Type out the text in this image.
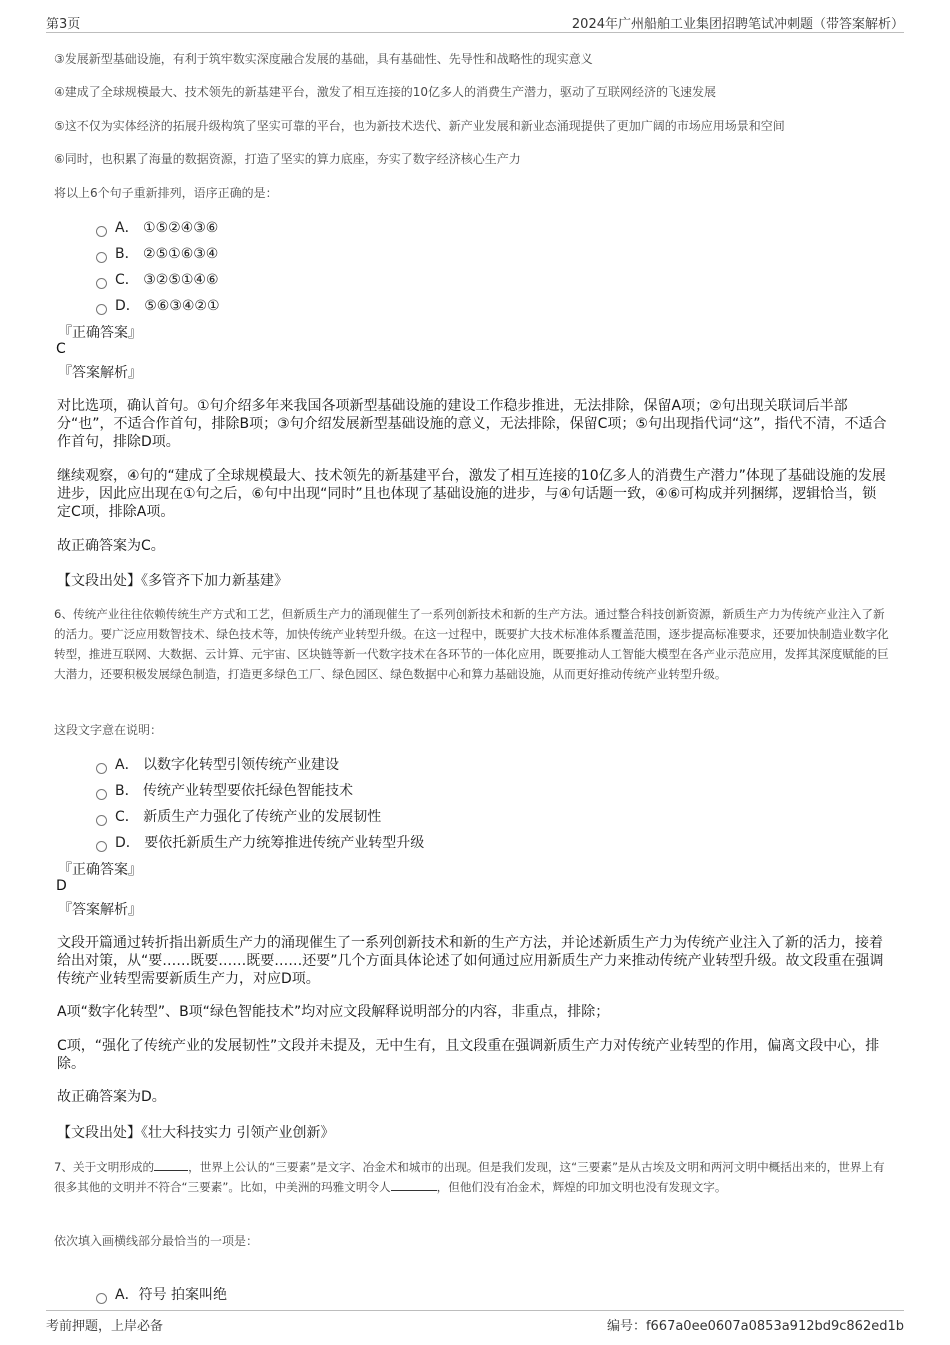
第3页	2024年广州船舶工业集团招聘笔试冲刺题（带答案解析）
③发展新型基础设施，有利于筑牢数实深度融合发展的基础，具有基础性、先导性和战略性的现实意义
④建成了全球规模最大、技术领先的新基建平台，激发了相互连接的10亿多人的消费生产潜力，驱动了互联网经济的飞速发展
⑤这不仅为实体经济的拓展升级构筑了坚实可靠的平台，也为新技术迭代、新产业发展和新业态涌现提供了更加广阔的市场应用场景和空间
⑥同时，也积累了海量的数据资源，打造了坚实的算力底座，夯实了数字经济核心生产力
将以上6个句子重新排列，语序正确的是：
A． ①⑤②④③⑥
B． ②⑤①⑥③④
C． ③②⑤①④⑥
D． ⑤⑥③④②①
『正确答案』
C
『答案解析』
对比选项，确认首句。①句介绍多年来我国各项新型基础设施的建设工作稳步推进，无法排除，保留A项；②句出现关联词后半部分“也”，不适合作首句，排除B项；③句介绍发展新型基础设施的意义，无法排除，保留C项；⑤句出现指代词“这”，指代不清，不适合作首句，排除D项。
继续观察，④句的“建成了全球规模最大、技术领先的新基建平台，激发了相互连接的10亿多人的消费生产潜力”体现了基础设施的发展进步，因此应出现在①句之后，⑥句中出现“同时”且也体现了基础设施的进步，与④句话题一致，④⑥可构成并列捆绑，逻辑恰当，锁定C项，排除A项。
故正确答案为C。
【文段出处】《多管齐下加力新基建》
6、传统产业往往依赖传统生产方式和工艺，但新质生产力的涌现催生了一系列创新技术和新的生产方法。通过整合科技创新资源，新质生产力为传统产业注入了新的活力。要广泛应用数智技术、绿色技术等，加快传统产业转型升级。在这一过程中，既要扩大技术标准体系覆盖范围，逐步提高标准要求，还要加快制造业数字化转型，推进互联网、大数据、云计算、元宇宙、区块链等新一代数字技术在各环节的一体化应用，既要推动人工智能大模型在各产业示范应用，发挥其深度赋能的巨大潜力，还要积极发展绿色制造，打造更多绿色工厂、绿色园区、绿色数据中心和算力基础设施，从而更好推动传统产业转型升级。
这段文字意在说明：
A． 以数字化转型引领传统产业建设
B． 传统产业转型要依托绿色智能技术
C． 新质生产力强化了传统产业的发展韧性
D． 要依托新质生产力统筹推进传统产业转型升级
『正确答案』
D
『答案解析』
文段开篇通过转折指出新质生产力的涌现催生了一系列创新技术和新的生产方法，并论述新质生产力为传统产业注入了新的活力，接着给出对策，从“要……既要……既要……还要”几个方面具体论述了如何通过应用新质生产力来推动传统产业转型升级。故文段重在强调传统产业转型需要新质生产力，对应D项。
A项“数字化转型”、B项“绿色智能技术”均对应文段解释说明部分的内容，非重点，排除；
C项，“强化了传统产业的发展韧性”文段并未提及，无中生有，且文段重在强调新质生产力对传统产业转型的作用，偏离文段中心，排除。
故正确答案为D。
【文段出处】《壮大科技实力 引领产业创新》
7、关于文明形成的	，世界上公认的“三要素”是文字、冶金术和城市的出现。但是我们发现，这“三要素”是从古埃及文明和两河文明中概括出来的，世界上有很多其他的文明并不符合“三要素”。比如，中美洲的玛雅文明令人	，但他们没有冶金术，辉煌的印加文明也没有发现文字。
依次填入画横线部分最恰当的一项是：
A．符号 拍案叫绝
考前押题，上岸必备	编号：f667a0ee0607a0853a912bd9c862ed1b
